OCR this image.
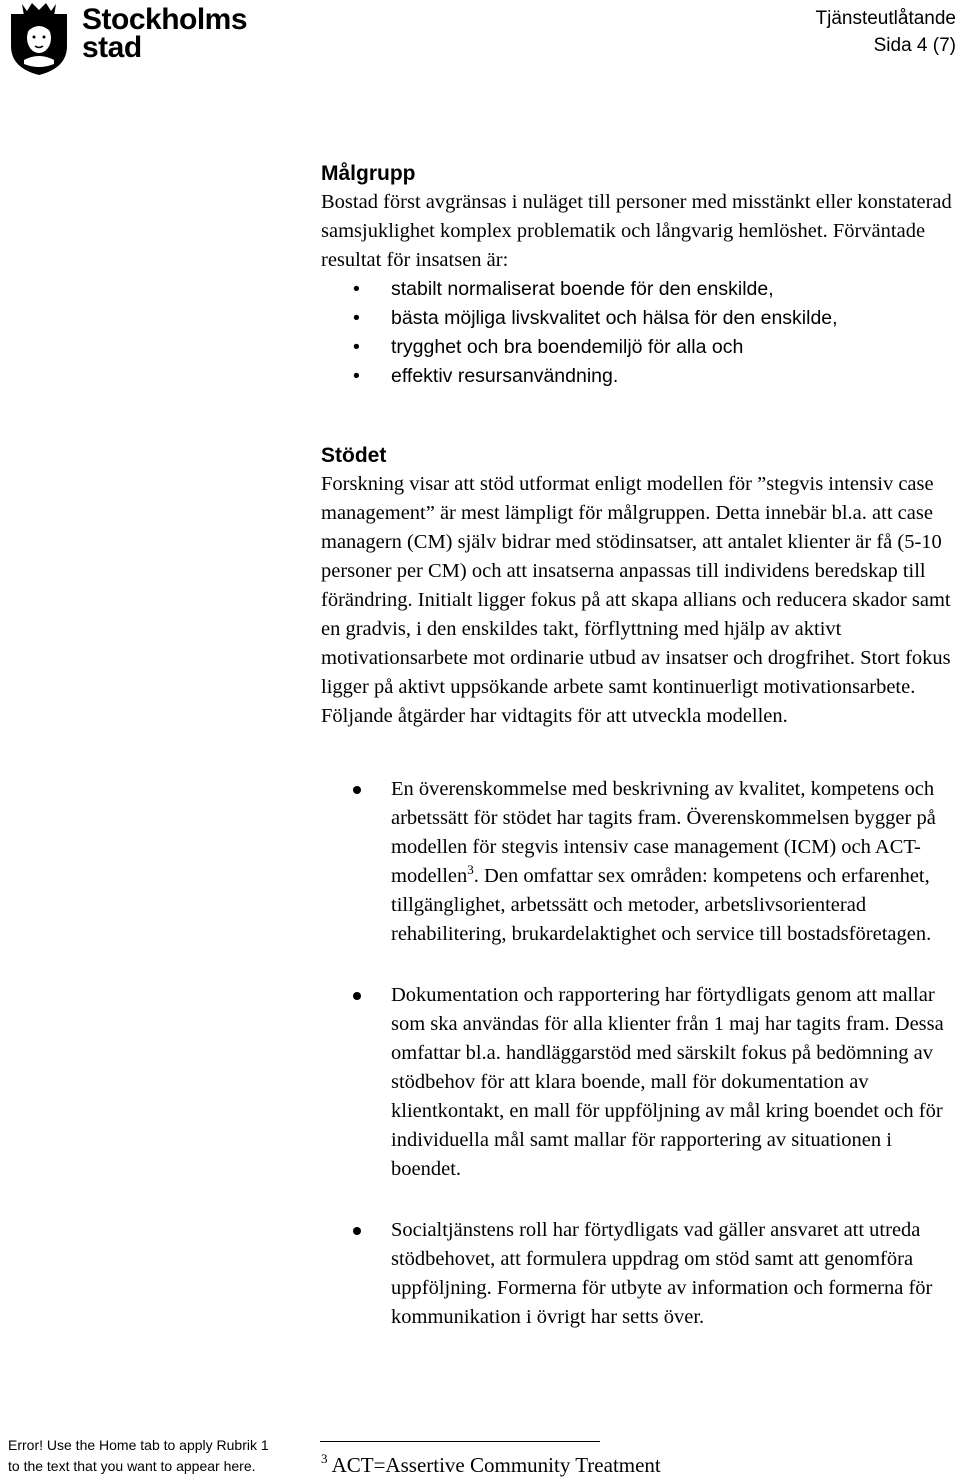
Stockholms
stad
Tjänsteutlåtande
Sida 4 (7)
Målgrupp

Bostad först avgränsas i nuläget till personer med misstänkt eller konstaterad samsjuklighet komplex problematik och långvarig hemlöshet. Förväntade resultat för insatsen är:

• stabilt normaliserat boende för den enskilde,
• bästa möjliga livskvalitet och hälsa för den enskilde,
• trygghet och bra boendemiljö för alla och
• effektiv resursanvändning.
Stödet

Forskning visar att stöd utformat enligt modellen för ”stegvis intensiv case management” är mest lämpligt för målgruppen. Detta innebär bl.a. att case managern (CM) själv bidrar med stödinsatser, att antalet klienter är få (5-10 personer per CM) och att insatserna anpassas till individens beredskap till förändring. Initialt ligger fokus på att skapa allians och reducera skador samt en gradvis, i den enskildes takt, förflyttning med hjälp av aktivt motivationsarbete mot ordinarie utbud av insatser och drogfrihet. Stort fokus ligger på aktivt uppsökande arbete samt kontinuerligt motivationsarbete. Följande åtgärder har vidtagits för att utveckla modellen.

En överenskommelse med beskrivning av kvalitet, kompetens och arbetssätt för stödet har tagits fram. Överenskommelsen bygger på modellen för stegvis intensiv case management (ICM) och ACT-modellen$^3$. Den omfattar sex områden: kompetens och erfarenhet, tillgänglighet, arbetssätt och metoder, arbetslivsorienterad rehabilitering, brukardelaktighet och service till bostadsföretagen.
Dokumentation och rapportering har förtydligats genom att mallar som ska användas för alla klienter från 1 maj har tagits fram. Dessa omfattar bl.a. handläggarstöd med särskilt fokus på bedömning av stödbehov för att klara boende, mall för dokumentation av klientkontakt, en mall för uppföljning av mål kring boendet och för individuella mål samt mallar för rapportering av situationen i boendet.
Socialtjänstens roll har förtydligats vad gäller ansvaret att utreda stödbehovet, att formulera uppdrag om stöd samt att genomföra uppföljning. Formerna för utbyte av information och formerna för kommunikation i övrigt har setts över.
Error! Use the Home tab to apply Rubrik 1
to the text that you want to appear here.	$^3$ ACT=Assertive Community Treatment
